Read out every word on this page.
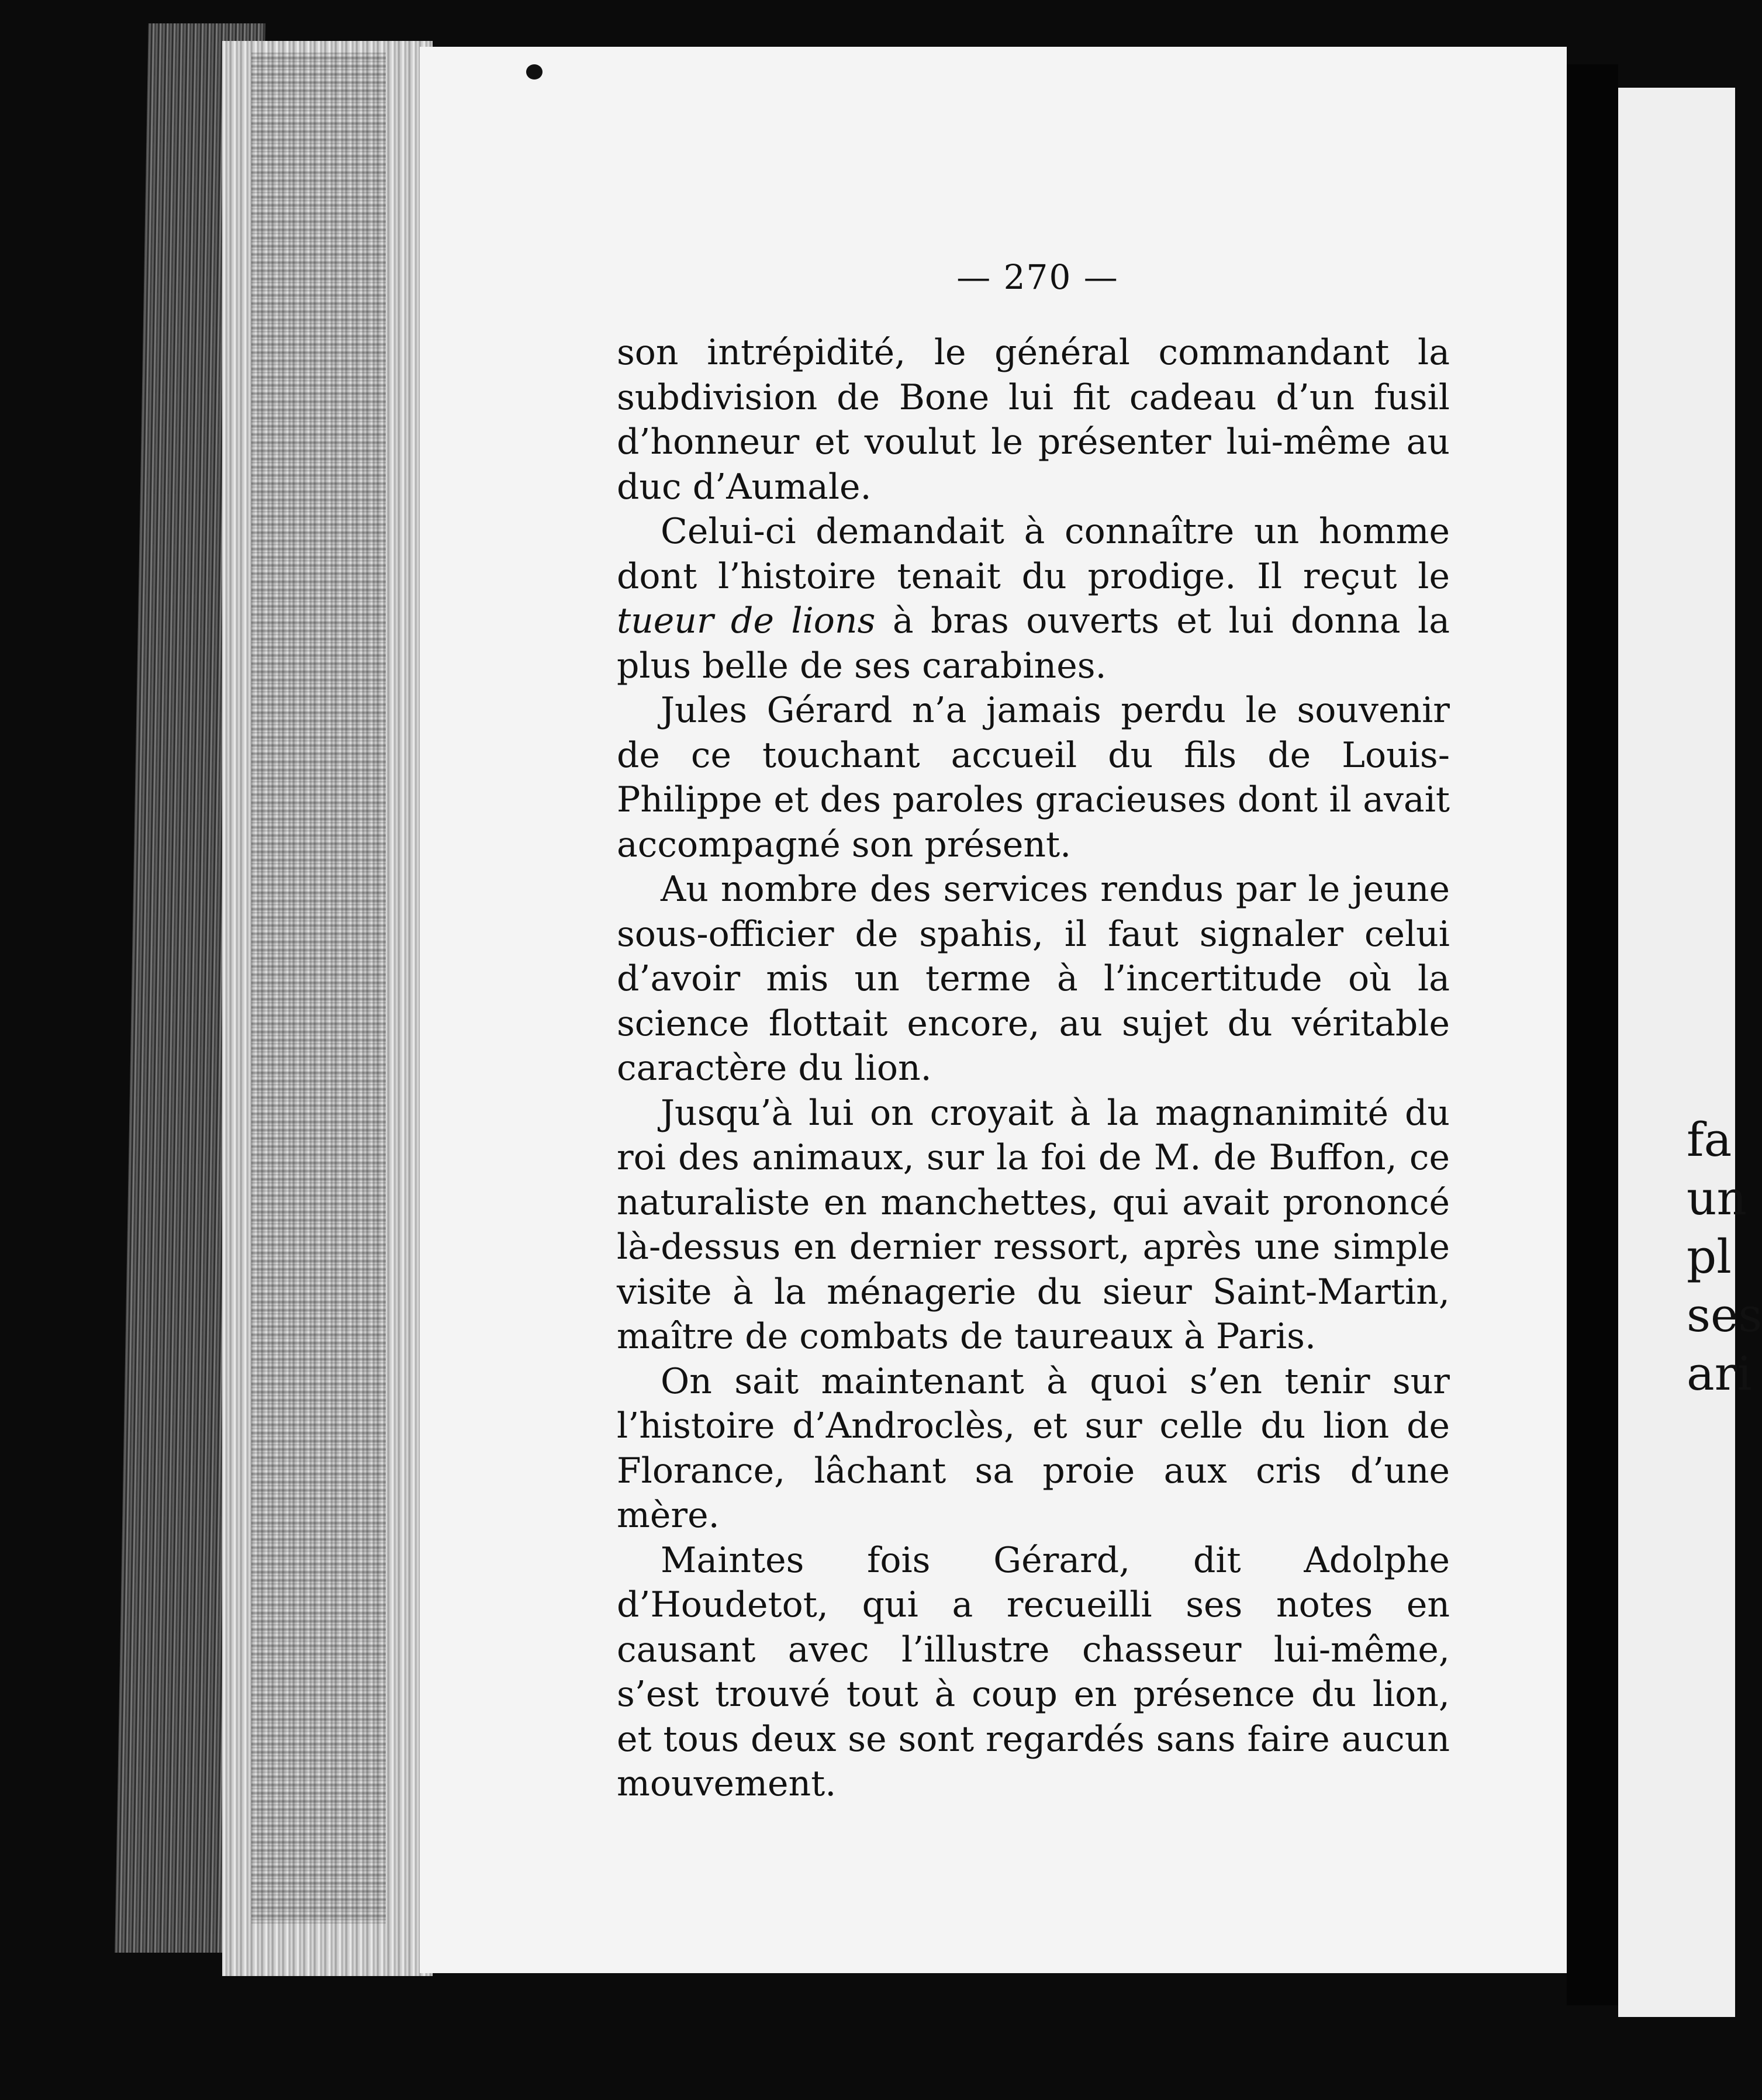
fa
un
pl
ses
ari
— 270 —

son intrépidité, le général commandant la subdivision de Bone lui fit cadeau d’un fusil d’honneur et voulut le présenter lui-même au duc d’Aumale.

Celui-ci demandait à connaître un homme dont l’histoire tenait du prodige. Il reçut le tueur de lions à bras ouverts et lui donna la plus belle de ses carabines.

Jules Gérard n’a jamais perdu le souvenir de ce touchant accueil du fils de Louis-Philippe et des paroles gracieuses dont il avait accompagné son présent.

Au nombre des services rendus par le jeune sous-officier de spahis, il faut signaler celui d’avoir mis un terme à l’incertitude où la science flottait encore, au sujet du véritable caractère du lion.

Jusqu’à lui on croyait à la magnanimité du roi des animaux, sur la foi de M. de Buffon, ce naturaliste en manchettes, qui avait prononcé là-dessus en dernier ressort, après une simple visite à la ménagerie du sieur Saint-Martin, maître de combats de taureaux à Paris.

On sait maintenant à quoi s’en tenir sur l’histoire d’Androclès, et sur celle du lion de Florance, lâchant sa proie aux cris d’une mère.

Maintes fois Gérard, dit Adolphe d’Houdetot, qui a recueilli ses notes en causant avec l’illustre chasseur lui-même, s’est trouvé tout à coup en présence du lion, et tous deux se sont regardés sans faire aucun mouvement.
